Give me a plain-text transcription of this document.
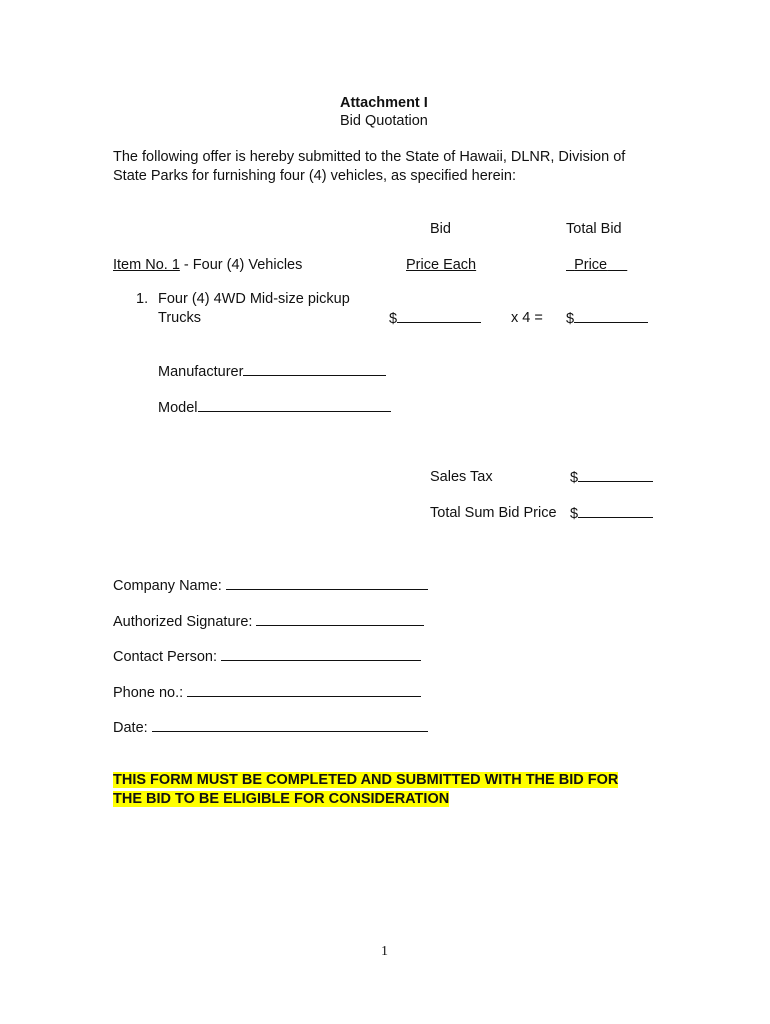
Attachment I
Bid Quotation
The following offer is hereby submitted to the State of Hawaii, DLNR, Division of
State Parks for furnishing four (4) vehicles, as specified herein:
Bid	Total Bid
Item No. 1 - Four (4) Vehicles	Price Each	Price
1. Four (4) 4WD Mid-size pickup
Trucks	$	x 4 = $
Manufacturer
Model
Sales Tax	$
Total Sum Bid Price $
Company Name:
Authorized Signature:
Contact Person:
Phone no.:
Date:
THIS FORM MUST BE COMPLETED AND SUBMITTED WITH THE BID FOR
THE BID TO BE ELIGIBLE FOR CONSIDERATION
1
